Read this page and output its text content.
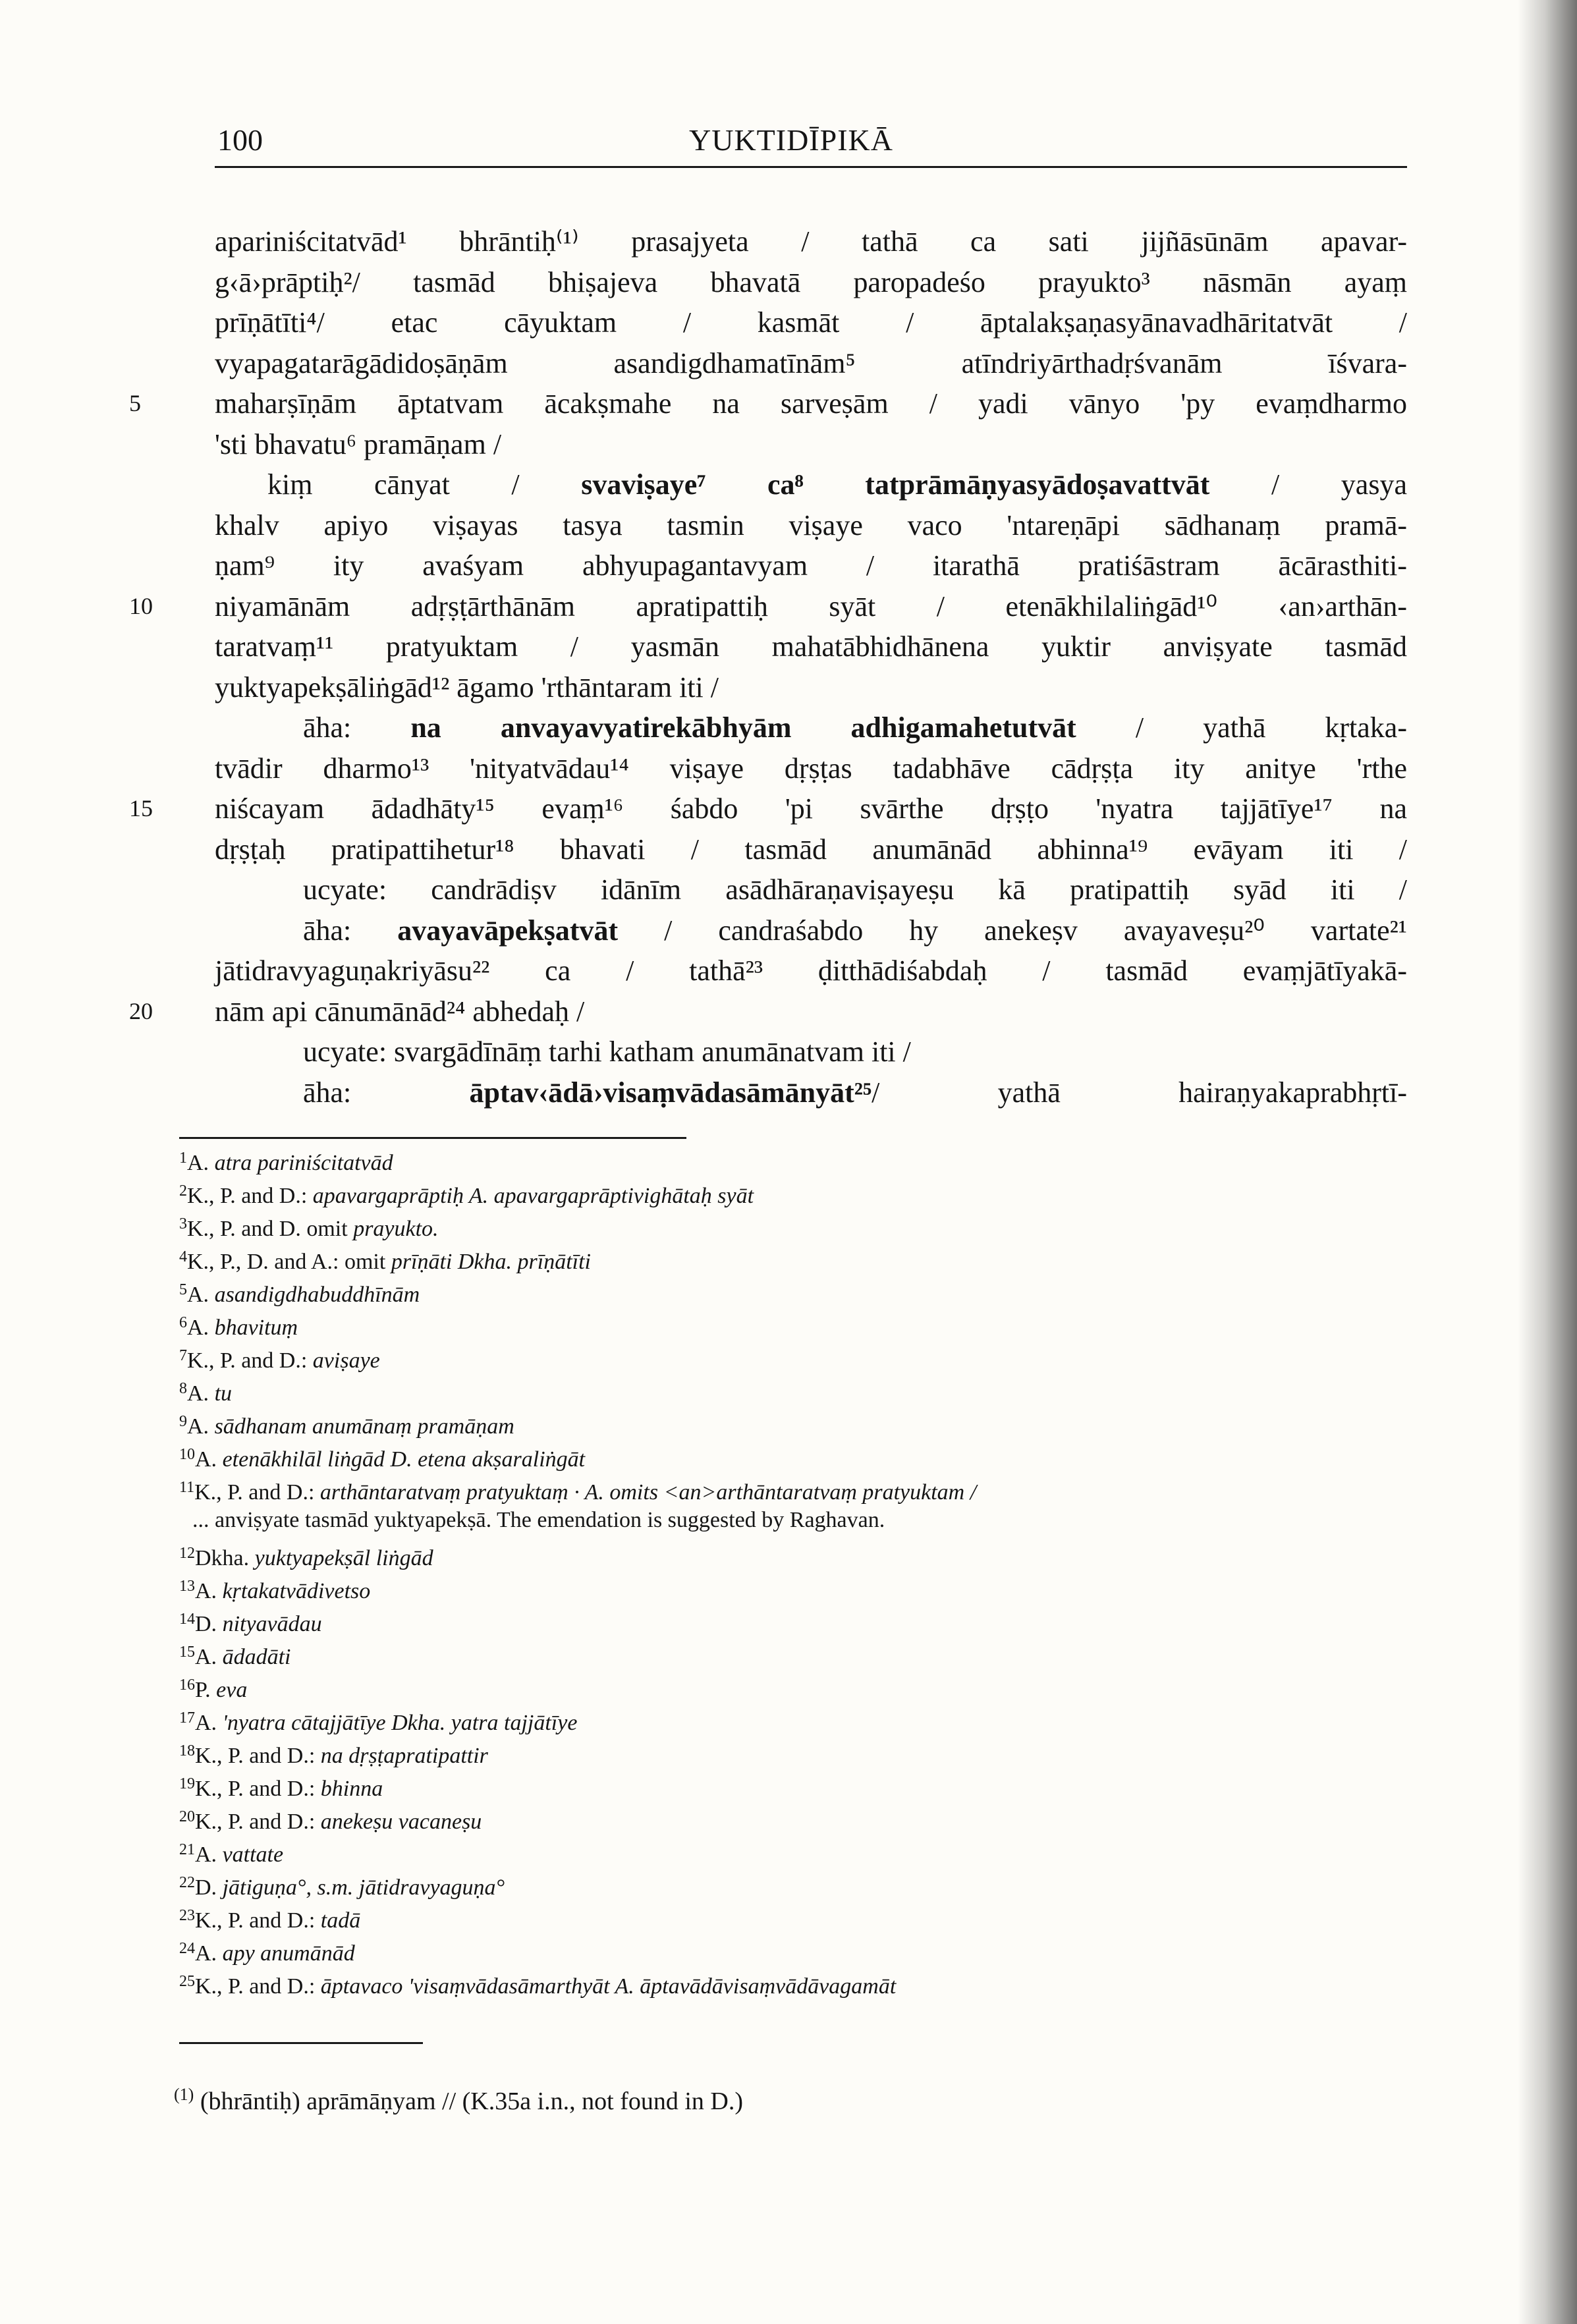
100	YUKTIDĪPIKĀ
apariniścitatvād¹ bhrāntiḥ⁽¹⁾ prasajyeta / tathā ca sati jijñāsūnām apavar-
g‹ā›prāptiḥ²/ tasmād bhiṣajeva bhavatā paropadeśo prayukto³ nāsmān ayaṃ
prīṇātīti⁴/ etac cāyuktam / kasmāt / āptalakṣaṇasyānavadhāritatvāt /
vyapagatarāgādidoṣāṇām asandigdhamatīnām⁵ atīndriyārthadṛśvanām īśvara-
maharṣīṇām āptatvam ācakṣmahe na sarveṣām / yadi vānyo 'py evaṃdharmo
5
'sti bhavatu⁶ pramāṇam /
kiṃ cānyat / svaviṣaye⁷ ca⁸ tatprāmāṇyasyādoṣavattvāt / yasya
khalv apiyo viṣayas tasya tasmin viṣaye vaco 'ntareṇāpi sādhanaṃ pramā-
ṇam⁹ ity avaśyam abhyupagantavyam / itarathā pratiśāstram ācārasthiti-
niyamānām adṛṣṭārthānām apratipattiḥ syāt / etenākhilaliṅgād¹⁰ ‹an›arthān-
10
taratvaṃ¹¹ pratyuktam / yasmān mahatābhidhānena yuktir anviṣyate tasmād
yuktyapekṣāliṅgād¹² āgamo 'rthāntaram iti /
āha: na anvayavyatirekābhyām adhigamahetutvāt / yathā kṛtaka-
tvādir dharmo¹³ 'nityatvādau¹⁴ viṣaye dṛṣṭas tadabhāve cādṛṣṭa ity anitye 'rthe
niścayam ādadhāty¹⁵ evaṃ¹⁶ śabdo 'pi svārthe dṛṣṭo 'nyatra tajjātīye¹⁷ na
15
dṛṣṭaḥ pratipattihetur¹⁸ bhavati / tasmād anumānād abhinna¹⁹ evāyam iti /
ucyate: candrādiṣv idānīm asādhāraṇaviṣayeṣu kā pratipattiḥ syād iti /
āha: avayavāpekṣatvāt / candraśabdo hy anekeṣv avayaveṣu²⁰ vartate²¹
jātidravyaguṇakriyāsu²² ca / tathā²³ ḍitthādiśabdaḥ / tasmād evaṃjātīyakā-
nām api cānumānād²⁴ abhedaḥ /
20
ucyate: svargādīnāṃ tarhi katham anumānatvam iti /
āha: āptav‹ādā›visaṃvādasāmānyāt²⁵/ yathā hairaṇyakaprabhṛtī-
$^1$A. atra pariniścitatvād
$^2$K., P. and D.: apavargaprāptiḥ A. apavargaprāptivighātaḥ syāt
$^3$K., P. and D. omit prayukto.
$^4$K., P., D. and A.: omit prīṇāti Dkha. prīṇātīti
$^5$A. asandigdhabuddhīnām
$^6$A. bhavituṃ
$^7$K., P. and D.: aviṣaye
$^8$A. tu
$^9$A. sādhanam anumānaṃ pramāṇam
$^{10}$A. etenākhilāl liṅgād D. etena akṣaraliṅgāt
$^{11}$K., P. and D.: arthāntaratvaṃ pratyuktaṃ · A. omits <an>arthāntaratvaṃ pratyuktam /
... anviṣyate tasmād yuktyapekṣā. The emendation is suggested by Raghavan.
$^{12}$Dkha. yuktyapekṣāl liṅgād
$^{13}$A. kṛtakatvādivetso
$^{14}$D. nityavādau
$^{15}$A. ādadāti
$^{16}$P. eva
$^{17}$A. 'nyatra cātajjātīye Dkha. yatra tajjātīye
$^{18}$K., P. and D.: na dṛṣṭapratipattir
$^{19}$K., P. and D.: bhinna
$^{20}$K., P. and D.: anekeṣu vacaneṣu
$^{21}$A. vattate
$^{22}$D. jātiguṇa°, s.m. jātidravyaguṇa°
$^{23}$K., P. and D.: tadā
$^{24}$A. apy anumānād
$^{25}$K., P. and D.: āptavaco 'visaṃvādasāmarthyāt A. āptavādāvisaṃvādāvagamāt
$^{(1)}$ (bhrāntiḥ) aprāmāṇyam // (K.35a i.n., not found in D.)
